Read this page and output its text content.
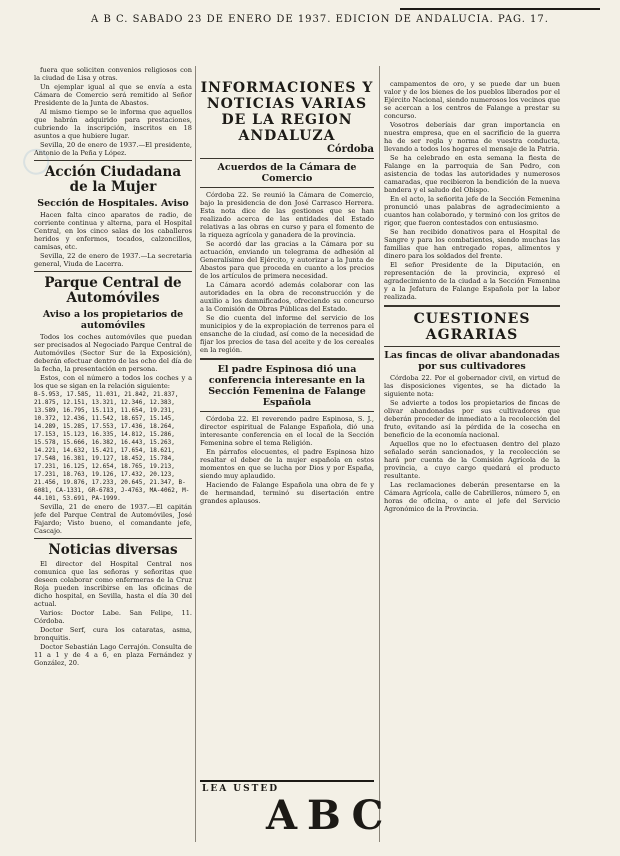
A B C. SABADO 23 DE ENERO DE 1937. EDICION DE ANDALUCIA. PAG. 17.

fuera que soliciten convenios religiosos con la ciudad de Lisa y otras.

Un ejemplar igual al que se envía a esta Cámara de Comercio será remitido al Señor Presidente de la Junta de Abastos.

Al mismo tiempo se le informa que aquellos que habrán adquirido para prestaciones, cubriendo la inscripción, inscritos en 18 asuntos a que hubiere lugar.

Sevilla, 20 de enero de 1937.—El presidente, Antonio de la Peña y López.

Acción Ciudadana de la Mujer
Sección de Hospitales. Aviso

Hacen falta cinco aparatos de radio, de corriente continua y alterna, para el Hospital Central, en los cinco salas de los caballeros heridos y enfermos, tocados, calzoncillos, camisas, etc.

Sevilla, 22 de enero de 1937.—La secretaria general, Viuda de Lacerra.

Parque Central de Automóviles
Aviso a los propietarios de automóviles

Todos los coches automóviles que puedan ser precisados al Negociado Parque Central de Automóviles (Sector Sur de la Exposición), deberán efectuar dentro de las ocho del día de la fecha, la presentación en persona.

Estos, con el número a todos los coches y a los que se sigan en la relación siguiente:

B-5.953, 17.585, 11.031, 21.842, 21.837, 21.875, 12.151, 13.321, 12.346, 12.383, 13.589, 16.795, 15.113, 11.654, 19.231, 10.372, 12.436, 11.542, 18.657, 15.145, 14.289, 15.285, 17.553, 17.436, 18.264, 17.153, 15.123, 16.335, 14.812, 15.286, 15.578, 15.666, 16.382, 16.443, 15.263, 14.221, 14.632, 15.421, 17.654, 18.621, 17.548, 16.381, 19.127, 18.452, 15.784, 17.231, 16.125, 12.654, 18.765, 19.213, 17.231, 18.763, 19.126, 17.432, 20.123, 21.456, 19.876, 17.233, 20.645, 21.347, B-6081, CA-1331, GR-6783, J-4763, MA-4062, M-44.101, 53.691, PA-1999.

Sevilla, 21 de enero de 1937.—El capitán jefe del Parque Central de Automóviles, José Fajardo; Visto bueno, el comandante jefe, Cascajo.

Noticias diversas

El director del Hospital Central nos comunica que las señoras y señoritas que deseen colaborar como enfermeras de la Cruz Roja pueden inscribirse en las oficinas de dicho hospital, en Sevilla, hasta el día 30 del actual.

Varios: Doctor Labe. San Felipe, 11. Córdoba.

Doctor Serf, cura los cataratas, asma, bronquitis.

Doctor Sebastián Lago Cerrajón. Consulta de 11 a 1 y de 4 a 6, en plaza Fernández y González, 20.

INFORMACIONES Y NOTICIAS VARIAS DE LA REGION ANDALUZA
Córdoba
Acuerdos de la Cámara de Comercio

Córdoba 22. Se reunió la Cámara de Comercio, bajo la presidencia de don José Carrasco Herrera. Esta nota dice de las gestiones que se han realizado acerca de las entidades del Estado relativas a las obras en curso y para el fomento de la riqueza agrícola y ganadera de la provincia.

Se acordó dar las gracias a la Cámara por su actuación, enviando un telegrama de adhesión al Generalísimo del Ejército, y autorizar a la Junta de Abastos para que proceda en cuanto a los precios de los artículos de primera necesidad.

La Cámara acordó además colaborar con las autoridades en la obra de reconstrucción y de auxilio a los damnificados, ofreciendo su concurso a la Comisión de Obras Públicas del Estado.

Se dio cuenta del informe del servicio de los municipios y de la expropiación de terrenos para el ensanche de la ciudad, así como de la necesidad de fijar los precios de tasa del aceite y de los cereales en la región.

El padre Espinosa dió una conferencia interesante en la Sección Femenina de Falange Española

Córdoba 22. El reverendo padre Espinosa, S. J., director espiritual de Falange Española, dió una interesante conferencia en el local de la Sección Femenina sobre el tema Religión.

En párrafos elocuentes, el padre Espinosa hizo resaltar el deber de la mujer española en estos momentos en que se lucha por Dios y por España, siendo muy aplaudido.

Haciendo de Falange Española una obra de fe y de hermandad, terminó su disertación entre grandes aplausos.

LEA USTED
ABC

campamentos de oro, y se puede dar un buen valor y de los bienes de los pueblos liberados por el Ejército Nacional, siendo numerosos los vecinos que se acercan a los centros de Falange a prestar su concurso.

Vosotros deberíais dar gran importancia en nuestra empresa, que en el sacrificio de la guerra ha de ser regla y norma de vuestra conducta, llevando a todos los hogares el mensaje de la Patria.

Se ha celebrado en esta semana la fiesta de Falange en la parroquia de San Pedro, con asistencia de todas las autoridades y numerosos camaradas, que recibieron la bendición de la nueva bandera y el saludo del Obispo.

En el acto, la señorita jefe de la Sección Femenina pronunció unas palabras de agradecimiento a cuantos han colaborado, y terminó con los gritos de rigor, que fueron contestados con entusiasmo.

Se han recibido donativos para el Hospital de Sangre y para los combatientes, siendo muchas las familias que han entregado ropas, alimentos y dinero para los soldados del frente.

El señor Presidente de la Diputación, en representación de la provincia, expresó el agradecimiento de la ciudad a la Sección Femenina y a la Jefatura de Falange Española por la labor realizada.

CUESTIONES AGRARIAS
Las fincas de olivar abandonadas por sus cultivadores

Córdoba 22. Por el gobernador civil, en virtud de las disposiciones vigentes, se ha dictado la siguiente nota:

Se advierte a todos los propietarios de fincas de olivar abandonadas por sus cultivadores que deberán proceder de inmediato a la recolección del fruto, evitando así la pérdida de la cosecha en beneficio de la economía nacional.

Aquellos que no lo efectuasen dentro del plazo señalado serán sancionados, y la recolección se hará por cuenta de la Comisión Agrícola de la provincia, a cuyo cargo quedará el producto resultante.

Las reclamaciones deberán presentarse en la Cámara Agrícola, calle de Cabrilleros, número 5, en horas de oficina, o ante el jefe del Servicio Agronómico de la Provincia.

○
